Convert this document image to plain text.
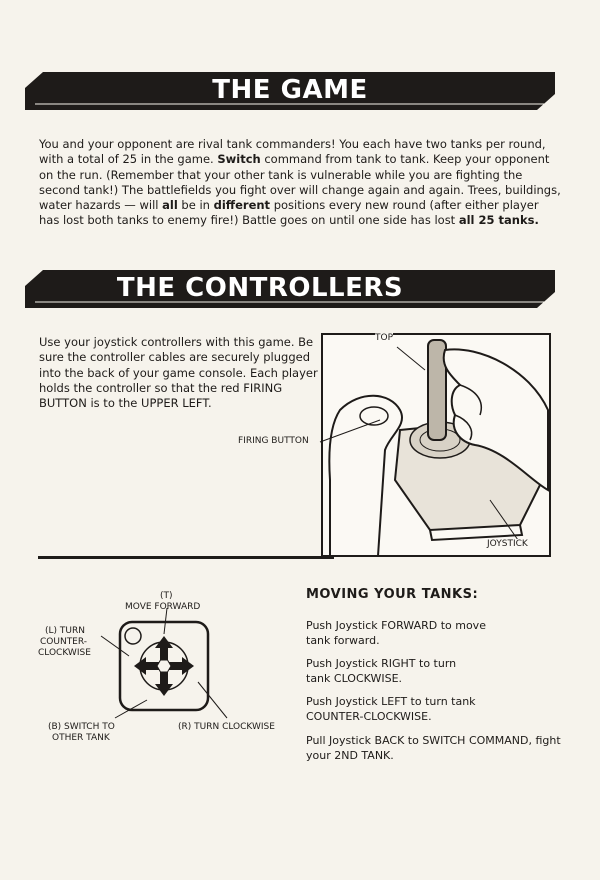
THE GAME

You and your opponent are rival tank commanders! You each have two tanks per round, with a total of 25 in the game. Switch command from tank to tank. Keep your opponent on the run. (Remember that your other tank is vulnerable while you are fighting the second tank!) The battlefields you fight over will change again and again. Trees, buildings, water hazards — will all be in different positions every new round (after either player has lost both tanks to enemy fire!) Battle goes on until one side has lost all 25 tanks.

THE CONTROLLERS

Use your joystick controllers with this game. Be sure the controller cables are securely plugged into the back of your game console. Each player holds the controller so that the red FIRING BUTTON is to the UPPER LEFT.

TOP
FIRING BUTTON
JOYSTICK
(T)
MOVE FORWARD
(L) TURN
COUNTER-
CLOCKWISE
(B) SWITCH TO
OTHER TANK
(R) TURN CLOCKWISE
MOVING YOUR TANKS:
Push Joystick FORWARD to move tank forward.
Push Joystick RIGHT to turn tank CLOCKWISE.
Push Joystick LEFT to turn tank COUNTER-CLOCKWISE.
Pull Joystick BACK to SWITCH COMMAND, fight your 2ND TANK.
